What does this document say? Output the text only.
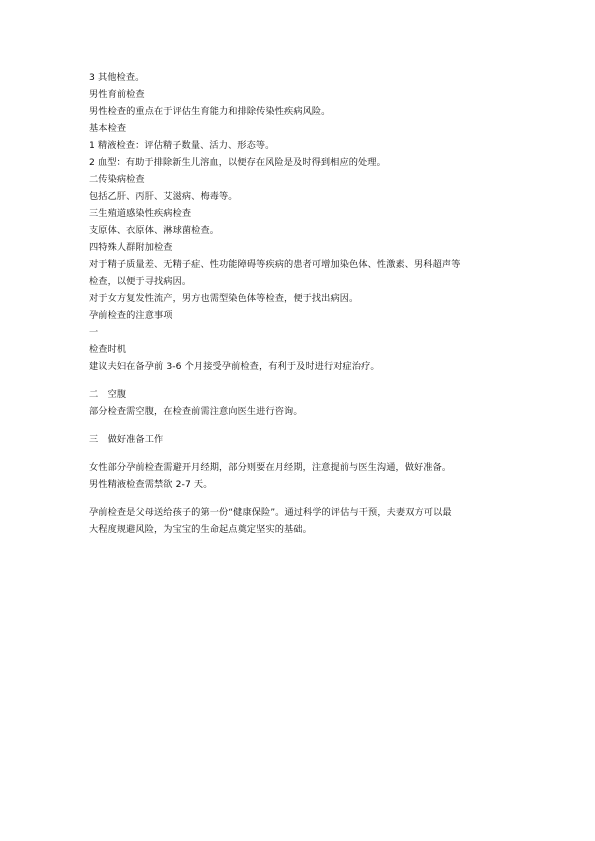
3 其他检查。
男性育前检查
男性检查的重点在于评估生育能力和排除传染性疾病风险。
基本检查
1 精液检查：评估精子数量、活力、形态等。
2 血型：有助于排除新生儿溶血，以便存在风险是及时得到相应的处理。
二传染病检查
包括乙肝、丙肝、艾滋病、梅毒等。
三生殖道感染性疾病检查
支原体、衣原体、淋球菌检查。
四特殊人群附加检查
对于精子质量差、无精子症、性功能障碍等疾病的患者可增加染色体、性激素、男科超声等
检查，以便于寻找病因。
对于女方复发性流产，男方也需型染色体等检查，便于找出病因。
孕前检查的注意事项
一
检查时机
建议夫妇在备孕前 3-6 个月接受孕前检查，有利于及时进行对症治疗。
二　空腹
部分检查需空腹，在检查前需注意向医生进行咨询。
三　做好准备工作
女性部分孕前检查需避开月经期，部分则要在月经期，注意提前与医生沟通，做好准备。
男性精液检查需禁欲 2-7 天。
孕前检查是父母送给孩子的第一份“健康保险”。通过科学的评估与干预，夫妻双方可以最
大程度规避风险，为宝宝的生命起点奠定坚实的基础。
